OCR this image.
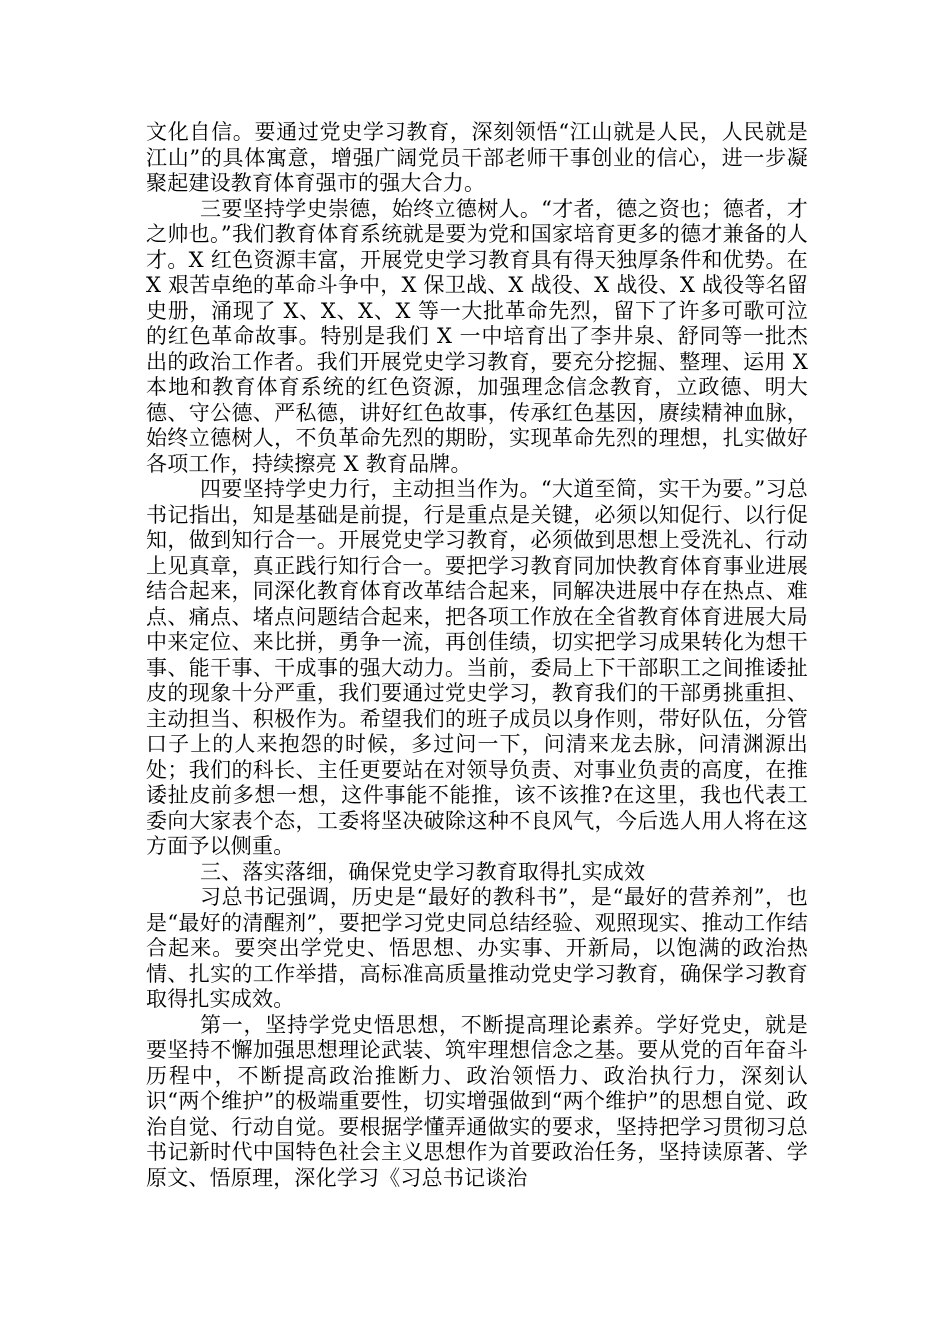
文化自信。要通过党史学习教育，深刻领悟“江山就是人民，人民就是江山”的具体寓意，增强广阔党员干部老师干事创业的信心，进一步凝聚起建设教育体育强市的强大合力。

三要坚持学史崇德，始终立德树人。“才者，德之资也；德者，才之帅也。”我们教育体育系统就是要为党和国家培育更多的德才兼备的人才。X 红色资源丰富，开展党史学习教育具有得天独厚条件和优势。在 X 艰苦卓绝的革命斗争中，X 保卫战、X 战役、X 战役、X 战役等名留史册，涌现了 X、X、X、X 等一大批革命先烈，留下了许多可歌可泣的红色革命故事。特别是我们 X 一中培育出了李井泉、舒同等一批杰出的政治工作者。我们开展党史学习教育，要充分挖掘、整理、运用 X 本地和教育体育系统的红色资源，加强理念信念教育，立政德、明大德、守公德、严私德，讲好红色故事，传承红色基因，赓续精神血脉，始终立德树人，不负革命先烈的期盼，实现革命先烈的理想，扎实做好各项工作，持续擦亮 X 教育品牌。

四要坚持学史力行，主动担当作为。“大道至简，实干为要。”习总书记指出，知是基础是前提，行是重点是关键，必须以知促行、以行促知，做到知行合一。开展党史学习教育，必须做到思想上受洗礼、行动上见真章，真正践行知行合一。要把学习教育同加快教育体育事业进展结合起来，同深化教育体育改革结合起来，同解决进展中存在热点、难点、痛点、堵点问题结合起来，把各项工作放在全省教育体育进展大局中来定位、来比拼，勇争一流，再创佳绩，切实把学习成果转化为想干事、能干事、干成事的强大动力。当前，委局上下干部职工之间推诿扯皮的现象十分严重，我们要通过党史学习，教育我们的干部勇挑重担、主动担当、积极作为。希望我们的班子成员以身作则，带好队伍，分管口子上的人来抱怨的时候，多过问一下，问清来龙去脉，问清渊源出处；我们的科长、主任更要站在对领导负责、对事业负责的高度，在推诿扯皮前多想一想，这件事能不能推，该不该推?在这里，我也代表工委向大家表个态，工委将坚决破除这种不良风气，今后选人用人将在这方面予以侧重。

三、落实落细，确保党史学习教育取得扎实成效

习总书记强调，历史是“最好的教科书”，是“最好的营养剂”，也是“最好的清醒剂”，要把学习党史同总结经验、观照现实、推动工作结合起来。要突出学党史、悟思想、办实事、开新局，以饱满的政治热情、扎实的工作举措，高标准高质量推动党史学习教育，确保学习教育取得扎实成效。

第一，坚持学党史悟思想，不断提高理论素养。学好党史，就是要坚持不懈加强思想理论武装、筑牢理想信念之基。要从党的百年奋斗历程中，不断提高政治推断力、政治领悟力、政治执行力，深刻认识“两个维护”的极端重要性，切实增强做到“两个维护”的思想自觉、政治自觉、行动自觉。要根据学懂弄通做实的要求，坚持把学习贯彻习总书记新时代中国特色社会主义思想作为首要政治任务，坚持读原著、学原文、悟原理，深化学习《习总书记谈治
